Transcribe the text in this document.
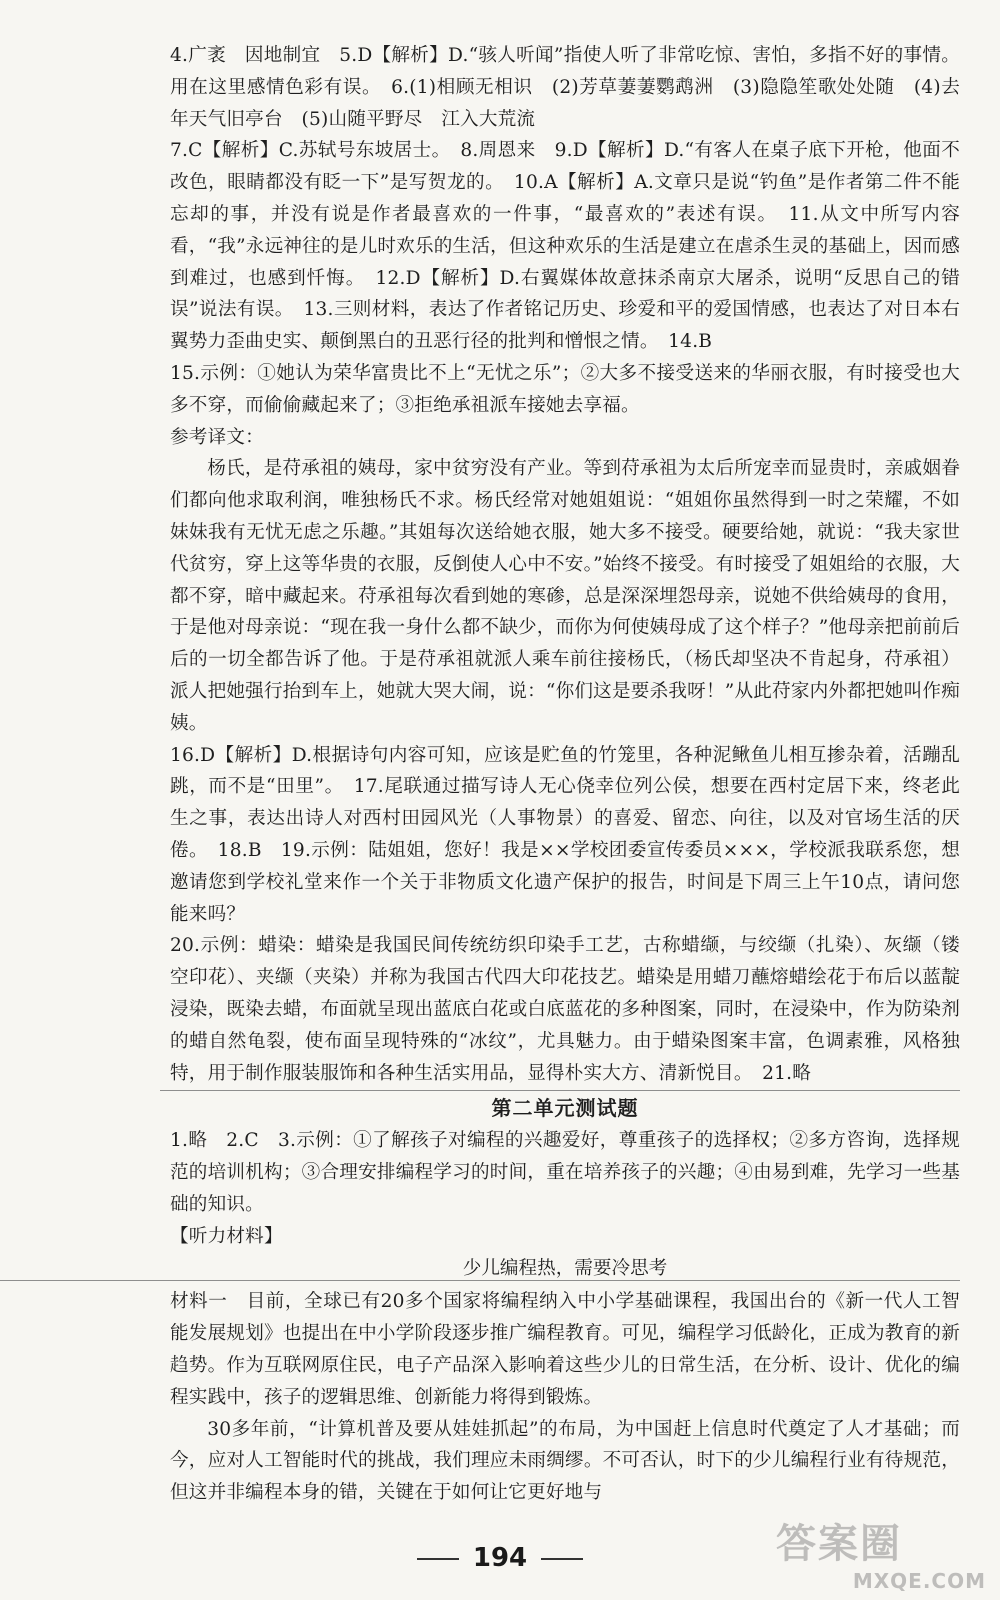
4.广袤　因地制宜　5.D【解析】D.“骇人听闻”指使人听了非常吃惊、害怕，多指不好的事情。用在这里感情色彩有误。　6.(1)相顾无相识　(2)芳草萋萋鹦鹉洲　(3)隐隐笙歌处处随　(4)去年天气旧亭台　(5)山随平野尽　江入大荒流

7.C【解析】C.苏轼号东坡居士。　8.周恩来　9.D【解析】D.“有客人在桌子底下开枪，他面不改色，眼睛都没有眨一下”是写贺龙的。　10.A【解析】A.文章只是说“钓鱼”是作者第二件不能忘却的事，并没有说是作者最喜欢的一件事，“最喜欢的”表述有误。　11.从文中所写内容看，“我”永远神往的是儿时欢乐的生活，但这种欢乐的生活是建立在虐杀生灵的基础上，因而感到难过，也感到忏悔。　12.D【解析】D.右翼媒体故意抹杀南京大屠杀，说明“反思自己的错误”说法有误。　13.三则材料，表达了作者铭记历史、珍爱和平的爱国情感，也表达了对日本右翼势力歪曲史实、颠倒黑白的丑恶行径的批判和憎恨之情。　14.B

15.示例：①她认为荣华富贵比不上“无忧之乐”；②大多不接受送来的华丽衣服，有时接受也大多不穿，而偷偷藏起来了；③拒绝承祖派车接她去享福。

参考译文：

杨氏，是苻承祖的姨母，家中贫穷没有产业。等到苻承祖为太后所宠幸而显贵时，亲戚姻眷们都向他求取利润，唯独杨氏不求。杨氏经常对她姐姐说：“姐姐你虽然得到一时之荣耀，不如妹妹我有无忧无虑之乐趣。”其姐每次送给她衣服，她大多不接受。硬要给她，就说：“我夫家世代贫穷，穿上这等华贵的衣服，反倒使人心中不安。”始终不接受。有时接受了姐姐给的衣服，大都不穿，暗中藏起来。苻承祖每次看到她的寒碜，总是深深埋怨母亲，说她不供给姨母的食用，于是他对母亲说：“现在我一身什么都不缺少，而你为何使姨母成了这个样子？”他母亲把前前后后的一切全都告诉了他。于是苻承祖就派人乘车前往接杨氏，（杨氏却坚决不肯起身，苻承祖）派人把她强行抬到车上，她就大哭大闹，说：“你们这是要杀我呀！”从此苻家内外都把她叫作痴姨。

16.D【解析】D.根据诗句内容可知，应该是贮鱼的竹笼里，各种泥鳅鱼儿相互掺杂着，活蹦乱跳，而不是“田里”。　17.尾联通过描写诗人无心侥幸位列公侯，想要在西村定居下来，终老此生之事，表达出诗人对西村田园风光（人事物景）的喜爱、留恋、向往，以及对官场生活的厌倦。　18.B　19.示例：陆姐姐，您好！我是××学校团委宣传委员×××，学校派我联系您，想邀请您到学校礼堂来作一个关于非物质文化遗产保护的报告，时间是下周三上午10点，请问您能来吗？

20.示例：蜡染：蜡染是我国民间传统纺织印染手工艺，古称蜡缬，与绞缬（扎染）、灰缬（镂空印花）、夹缬（夹染）并称为我国古代四大印花技艺。蜡染是用蜡刀蘸熔蜡绘花于布后以蓝靛浸染，既染去蜡，布面就呈现出蓝底白花或白底蓝花的多种图案，同时，在浸染中，作为防染剂的蜡自然龟裂，使布面呈现特殊的“冰纹”，尤具魅力。由于蜡染图案丰富，色调素雅，风格独特，用于制作服装服饰和各种生活实用品，显得朴实大方、清新悦目。　21.略

第二单元测试题

1.略　2.C　3.示例：①了解孩子对编程的兴趣爱好，尊重孩子的选择权；②多方咨询，选择规范的培训机构；③合理安排编程学习的时间，重在培养孩子的兴趣；④由易到难，先学习一些基础的知识。

【听力材料】

少儿编程热，需要冷思考

材料一　目前，全球已有20多个国家将编程纳入中小学基础课程，我国出台的《新一代人工智能发展规划》也提出在中小学阶段逐步推广编程教育。可见，编程学习低龄化，正成为教育的新趋势。作为互联网原住民，电子产品深入影响着这些少儿的日常生活，在分析、设计、优化的编程实践中，孩子的逻辑思维、创新能力将得到锻炼。

30多年前，“计算机普及要从娃娃抓起”的布局，为中国赶上信息时代奠定了人才基础；而今，应对人工智能时代的挑战，我们理应未雨绸缪。不可否认，时下的少儿编程行业有待规范，但这并非编程本身的错，关键在于如何让它更好地与

194	答案圈
MXQE.COM
